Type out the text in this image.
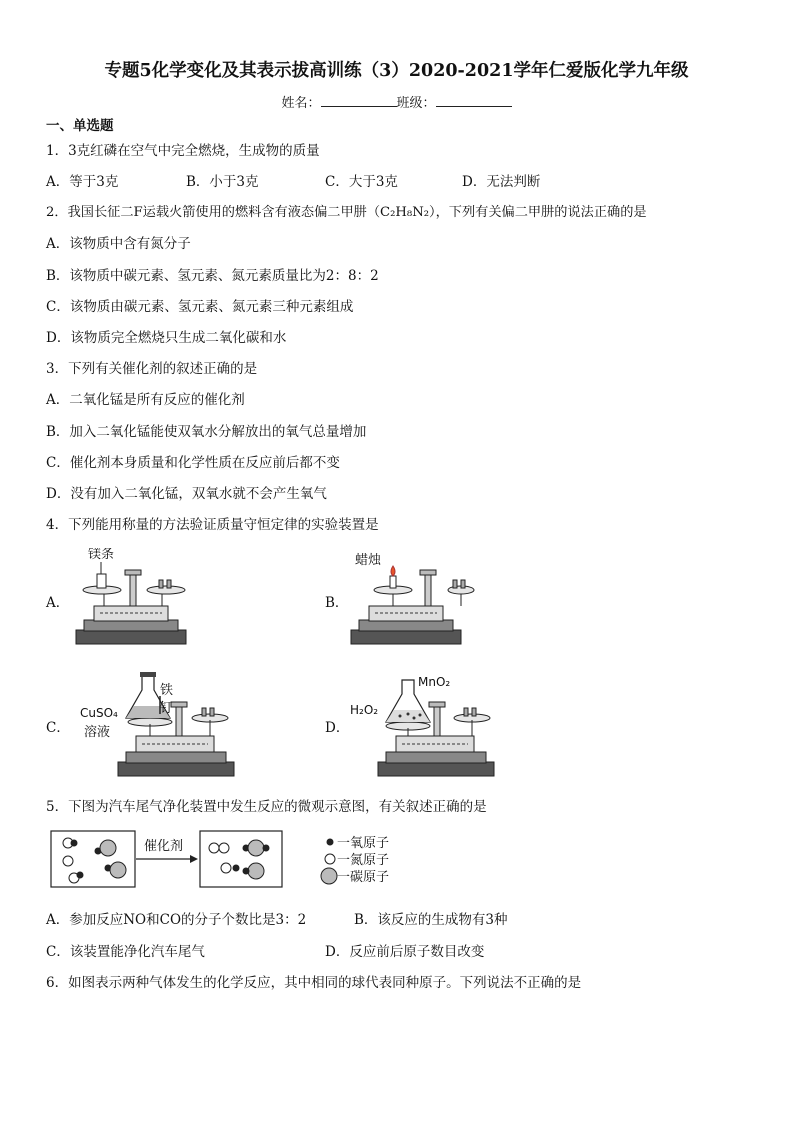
专题5化学变化及其表示拔高训练（3）2020-2021学年仁爱版化学九年级
姓名：	班级：
一、单选题
1．3克红磷在空气中完全燃烧，生成物的质量
A．等于3克	B．小于3克	C．大于3克	D．无法判断
2．我国长征二F运载火箭使用的燃料含有液态偏二甲肼（C₂H₈N₂），下列有关偏二甲肼的说法正确的是
A．该物质中含有氮分子
B．该物质中碳元素、氢元素、氮元素质量比为2：8：2
C．该物质由碳元素、氢元素、氮元素三种元素组成
D．该物质完全燃烧只生成二氧化碳和水
3．下列有关催化剂的叙述正确的是
A．二氧化锰是所有反应的催化剂
B．加入二氧化锰能使双氧水分解放出的氧气总量增加
C．催化剂本身质量和化学性质在反应前后都不变
D．没有加入二氧化锰，双氧水就不会产生氧气
4．下列能用称量的方法验证质量守恒定律的实验装置是
A．	B．
C．	D．
镁条	蜡烛
CuSO₄
溶液
铁
钉	H₂O₂
MnO₂
5．下图为汽车尾气净化装置中发生反应的微观示意图，有关叙述正确的是
催化剂	一氧原子
一氮原子
一碳原子
A．参加反应NO和CO的分子个数比是3：2	B．该反应的生成物有3种
C．该装置能净化汽车尾气	D．反应前后原子数目改变
6．如图表示两种气体发生的化学反应，其中相同的球代表同种原子。下列说法不正确的是
